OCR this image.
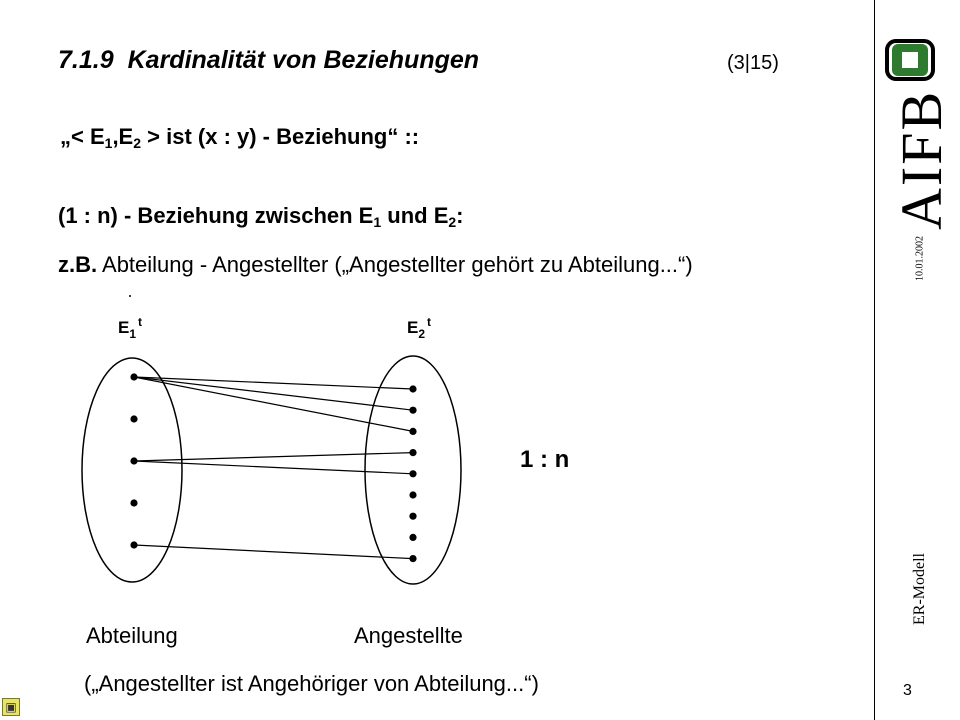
7.1.9 Kardinalität von Beziehungen	(3|15)
„< $E_1,E_2$ > ist (x : y) - Beziehung“ ::
(1 : n) - Beziehung zwischen $E_1$ und $E_2$:
z.B. Abteilung - Angestellter („Angestellter gehört zu Abteilung...“)
$E_1^t$	$E_2^t$
1 : n
Abteilung	Angestellte
(„Angestellter ist Angehöriger von Abteilung...“)
AIFB
10.01.2002
ER-Modell
3
▣
